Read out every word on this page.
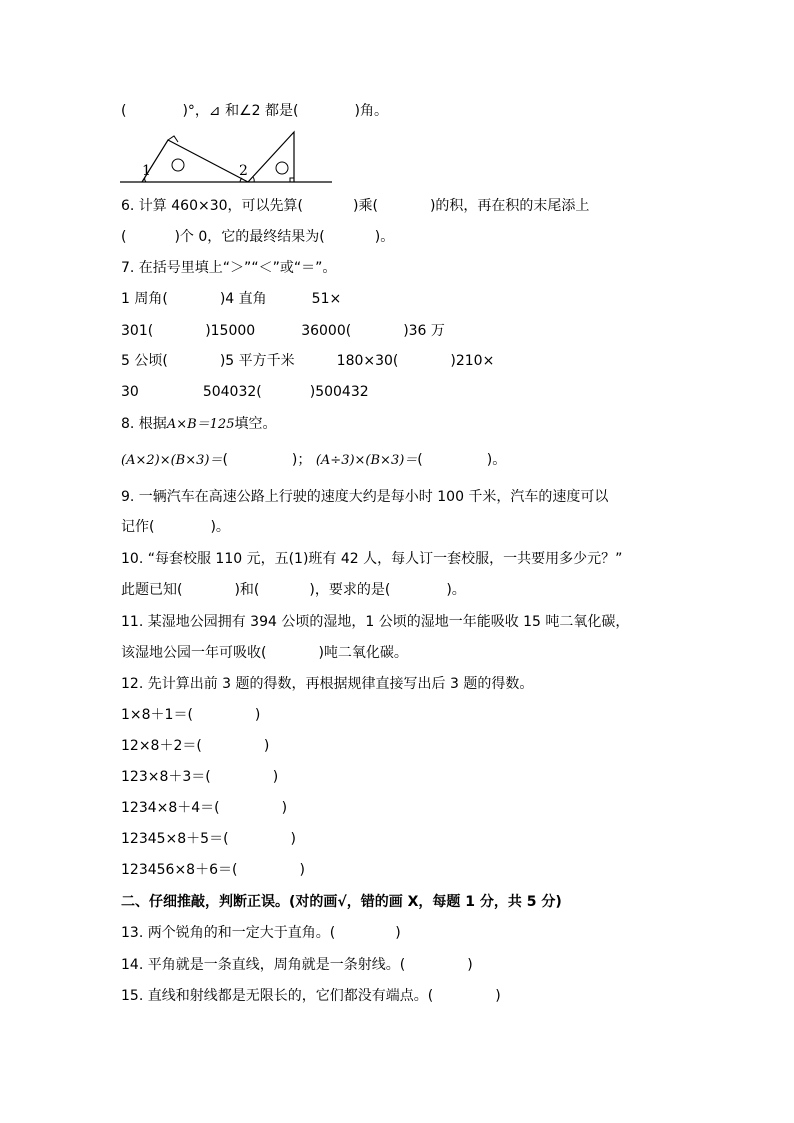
(	)°，⊿ 和∠2 都是(	)角。
1	2
6. 计算 460×30，可以先算(	)乘(	)的积，再在积的末尾添上
(	)个 0，它的最终结果为(	)。
7. 在括号里填上“＞”“＜”或“＝”。
1 周角(	)4 直角	51×
301(	)15000	36000(	)36 万
5 公顷(	)5 平方千米	180×30(	)210×
30	504032(	)500432
8. 根据A×B＝125填空。
(A×2)×(B×3)＝(	)； (A÷3)×(B×3)＝(	)。
9. 一辆汽车在高速公路上行驶的速度大约是每小时 100 千米，汽车的速度可以
记作(	)。
10. “每套校服 110 元，五(1)班有 42 人，每人订一套校服，一共要用多少元？”
此题已知(	)和(	)，要求的是(	)。
11. 某湿地公园拥有 394 公顷的湿地，1 公顷的湿地一年能吸收 15 吨二氧化碳，
该湿地公园一年可吸收(	)吨二氧化碳。
12. 先计算出前 3 题的得数，再根据规律直接写出后 3 题的得数。
1×8＋1＝(	)
12×8＋2＝(	)
123×8＋3＝(	)
1234×8＋4＝(	)
12345×8＋5＝(	)
123456×8＋6＝(	)
二、仔细推敲，判断正误。(对的画√，错的画 X，每题 1 分，共 5 分)
13. 两个锐角的和一定大于直角。(	)
14. 平角就是一条直线，周角就是一条射线。(	)
15. 直线和射线都是无限长的，它们都没有端点。(	)
